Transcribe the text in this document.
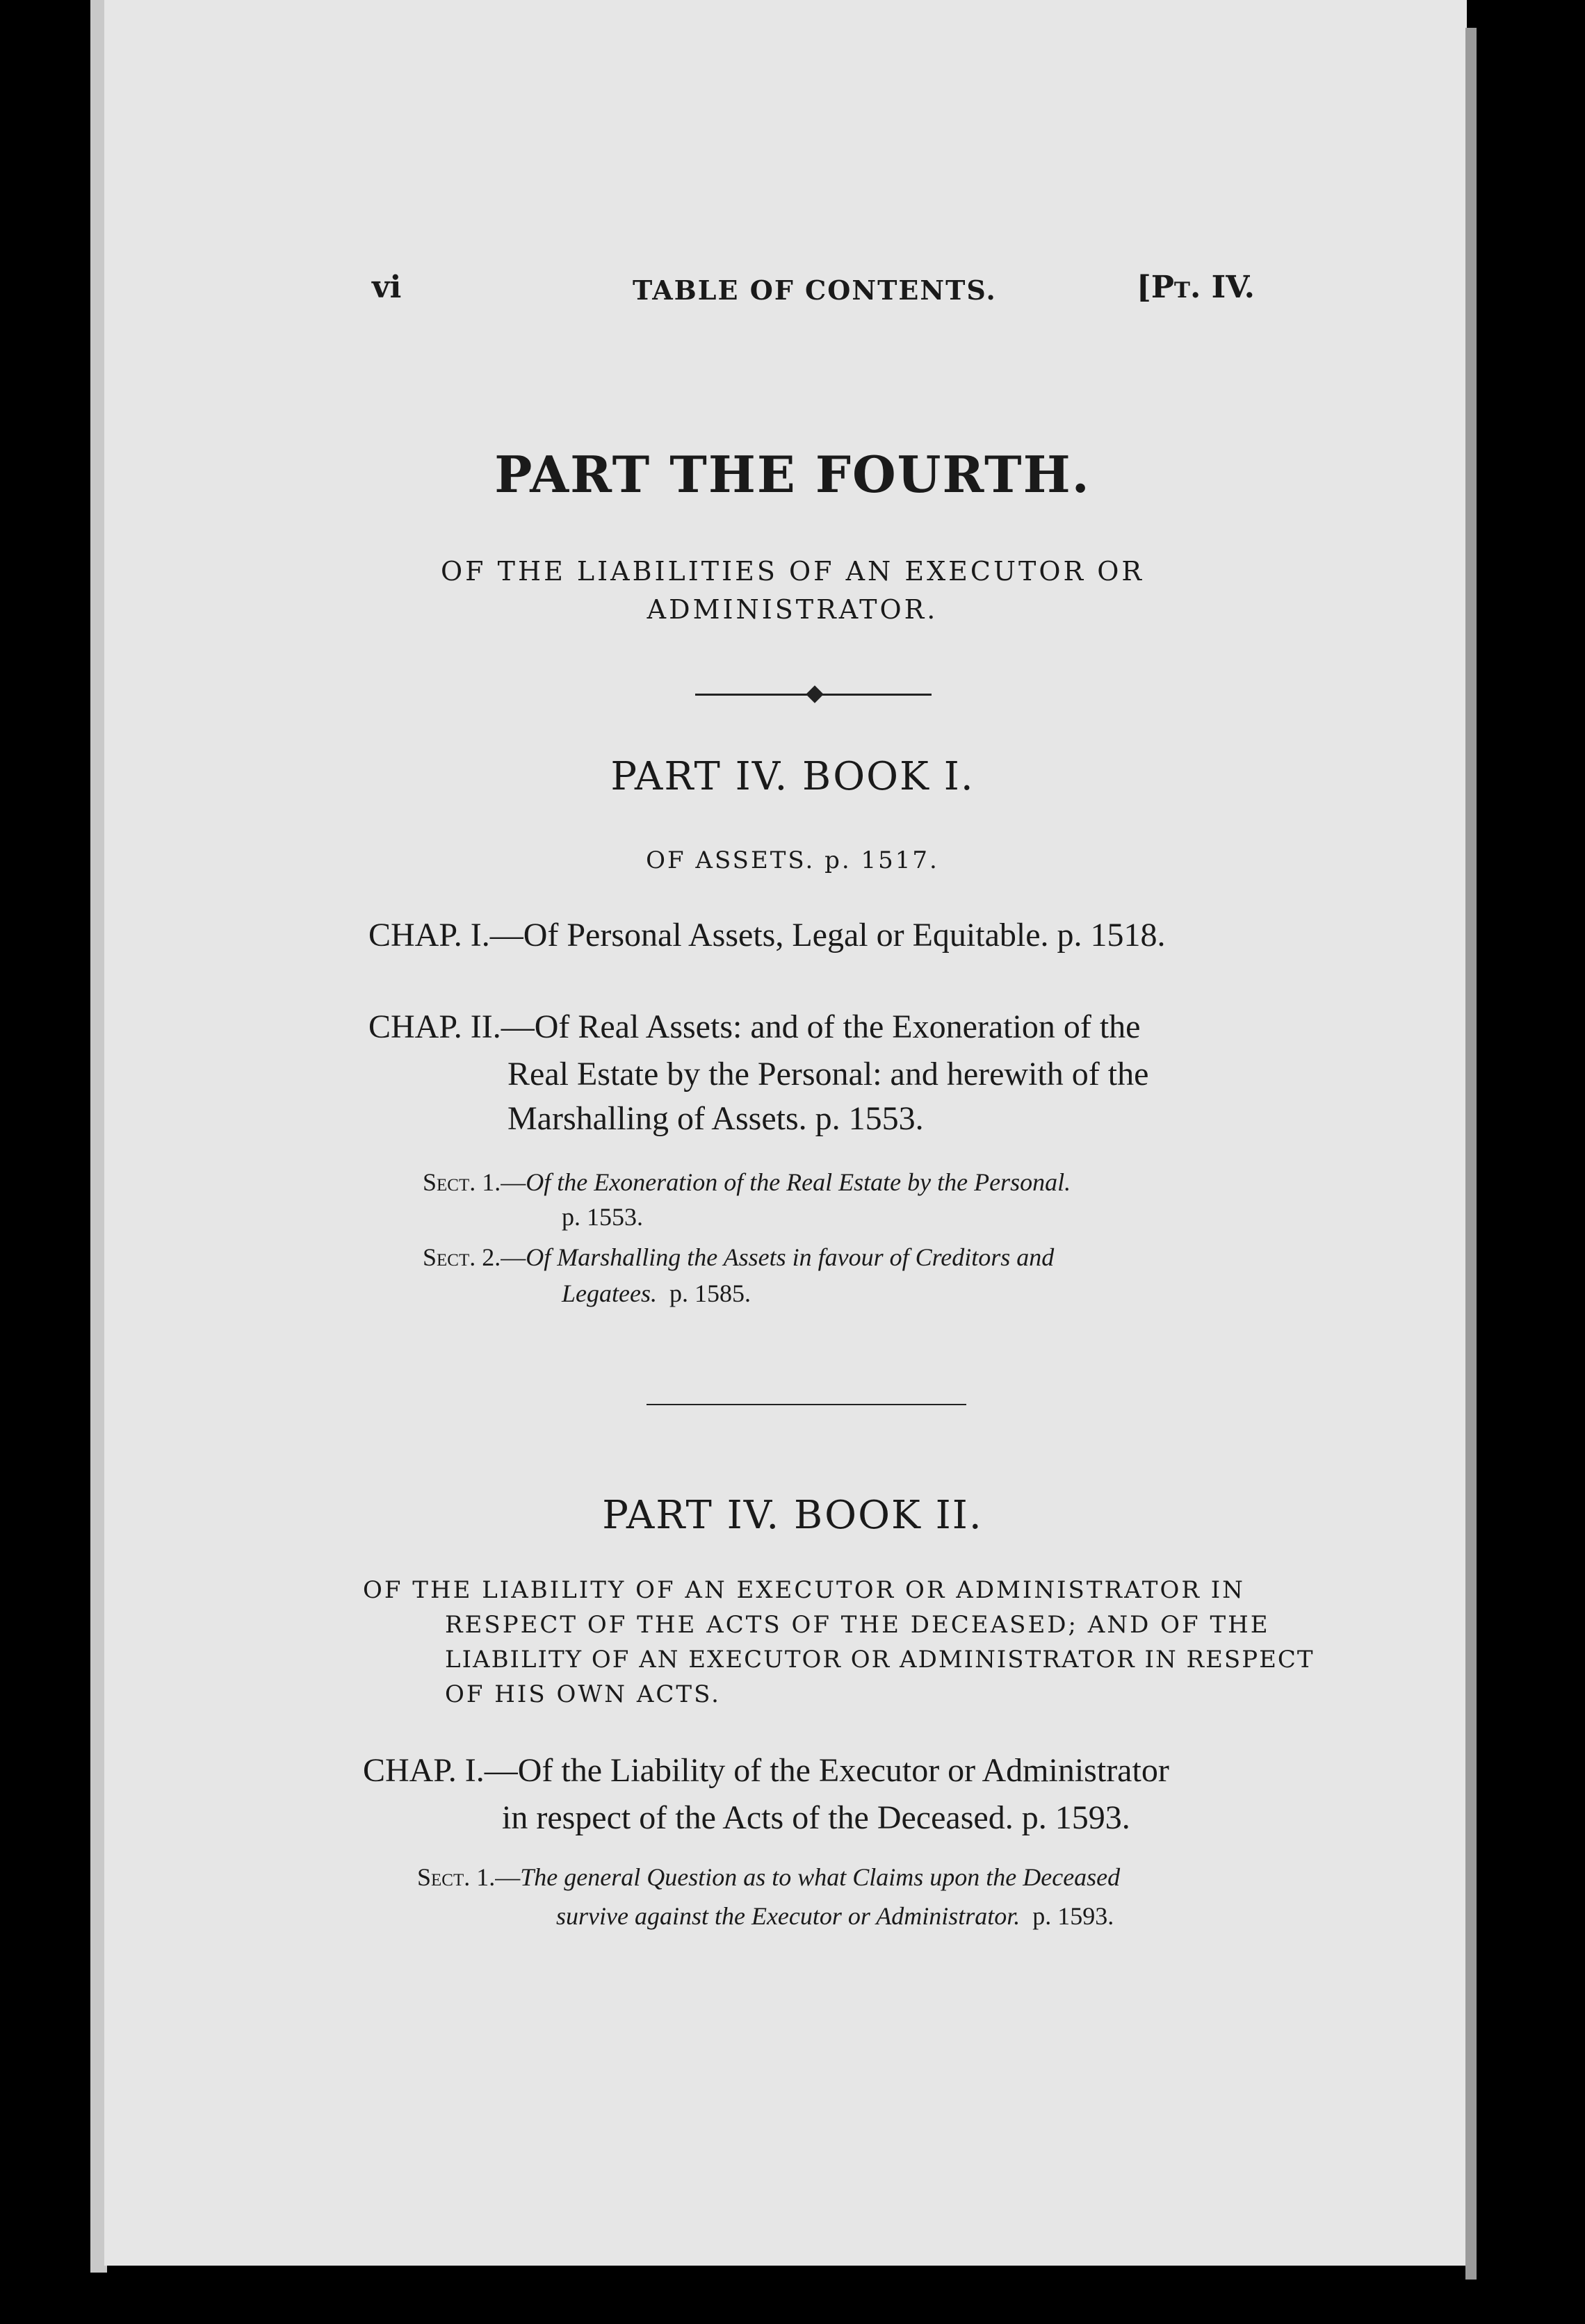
vi	TABLE OF CONTENTS.	[Pt. IV.

PART THE FOURTH.

OF THE LIABILITIES OF AN EXECUTOR OR

ADMINISTRATOR.

PART IV. BOOK I.

OF ASSETS. p. 1517.

CHAP. I.—Of Personal Assets, Legal or Equitable. p. 1518.

CHAP. II.—Of Real Assets: and of the Exoneration of the

Real Estate by the Personal: and herewith of the

Marshalling of Assets. p. 1553.

Sect. 1.—Of the Exoneration of the Real Estate by the Personal.

p. 1553.

Sect. 2.—Of Marshalling the Assets in favour of Creditors and

Legatees. p. 1585.

PART IV. BOOK II.

OF THE LIABILITY OF AN EXECUTOR OR ADMINISTRATOR IN

RESPECT OF THE ACTS OF THE DECEASED; AND OF THE

LIABILITY OF AN EXECUTOR OR ADMINISTRATOR IN RESPECT

OF HIS OWN ACTS.

CHAP. I.—Of the Liability of the Executor or Administrator

in respect of the Acts of the Deceased. p. 1593.

Sect. 1.—The general Question as to what Claims upon the Deceased

survive against the Executor or Administrator. p. 1593.
